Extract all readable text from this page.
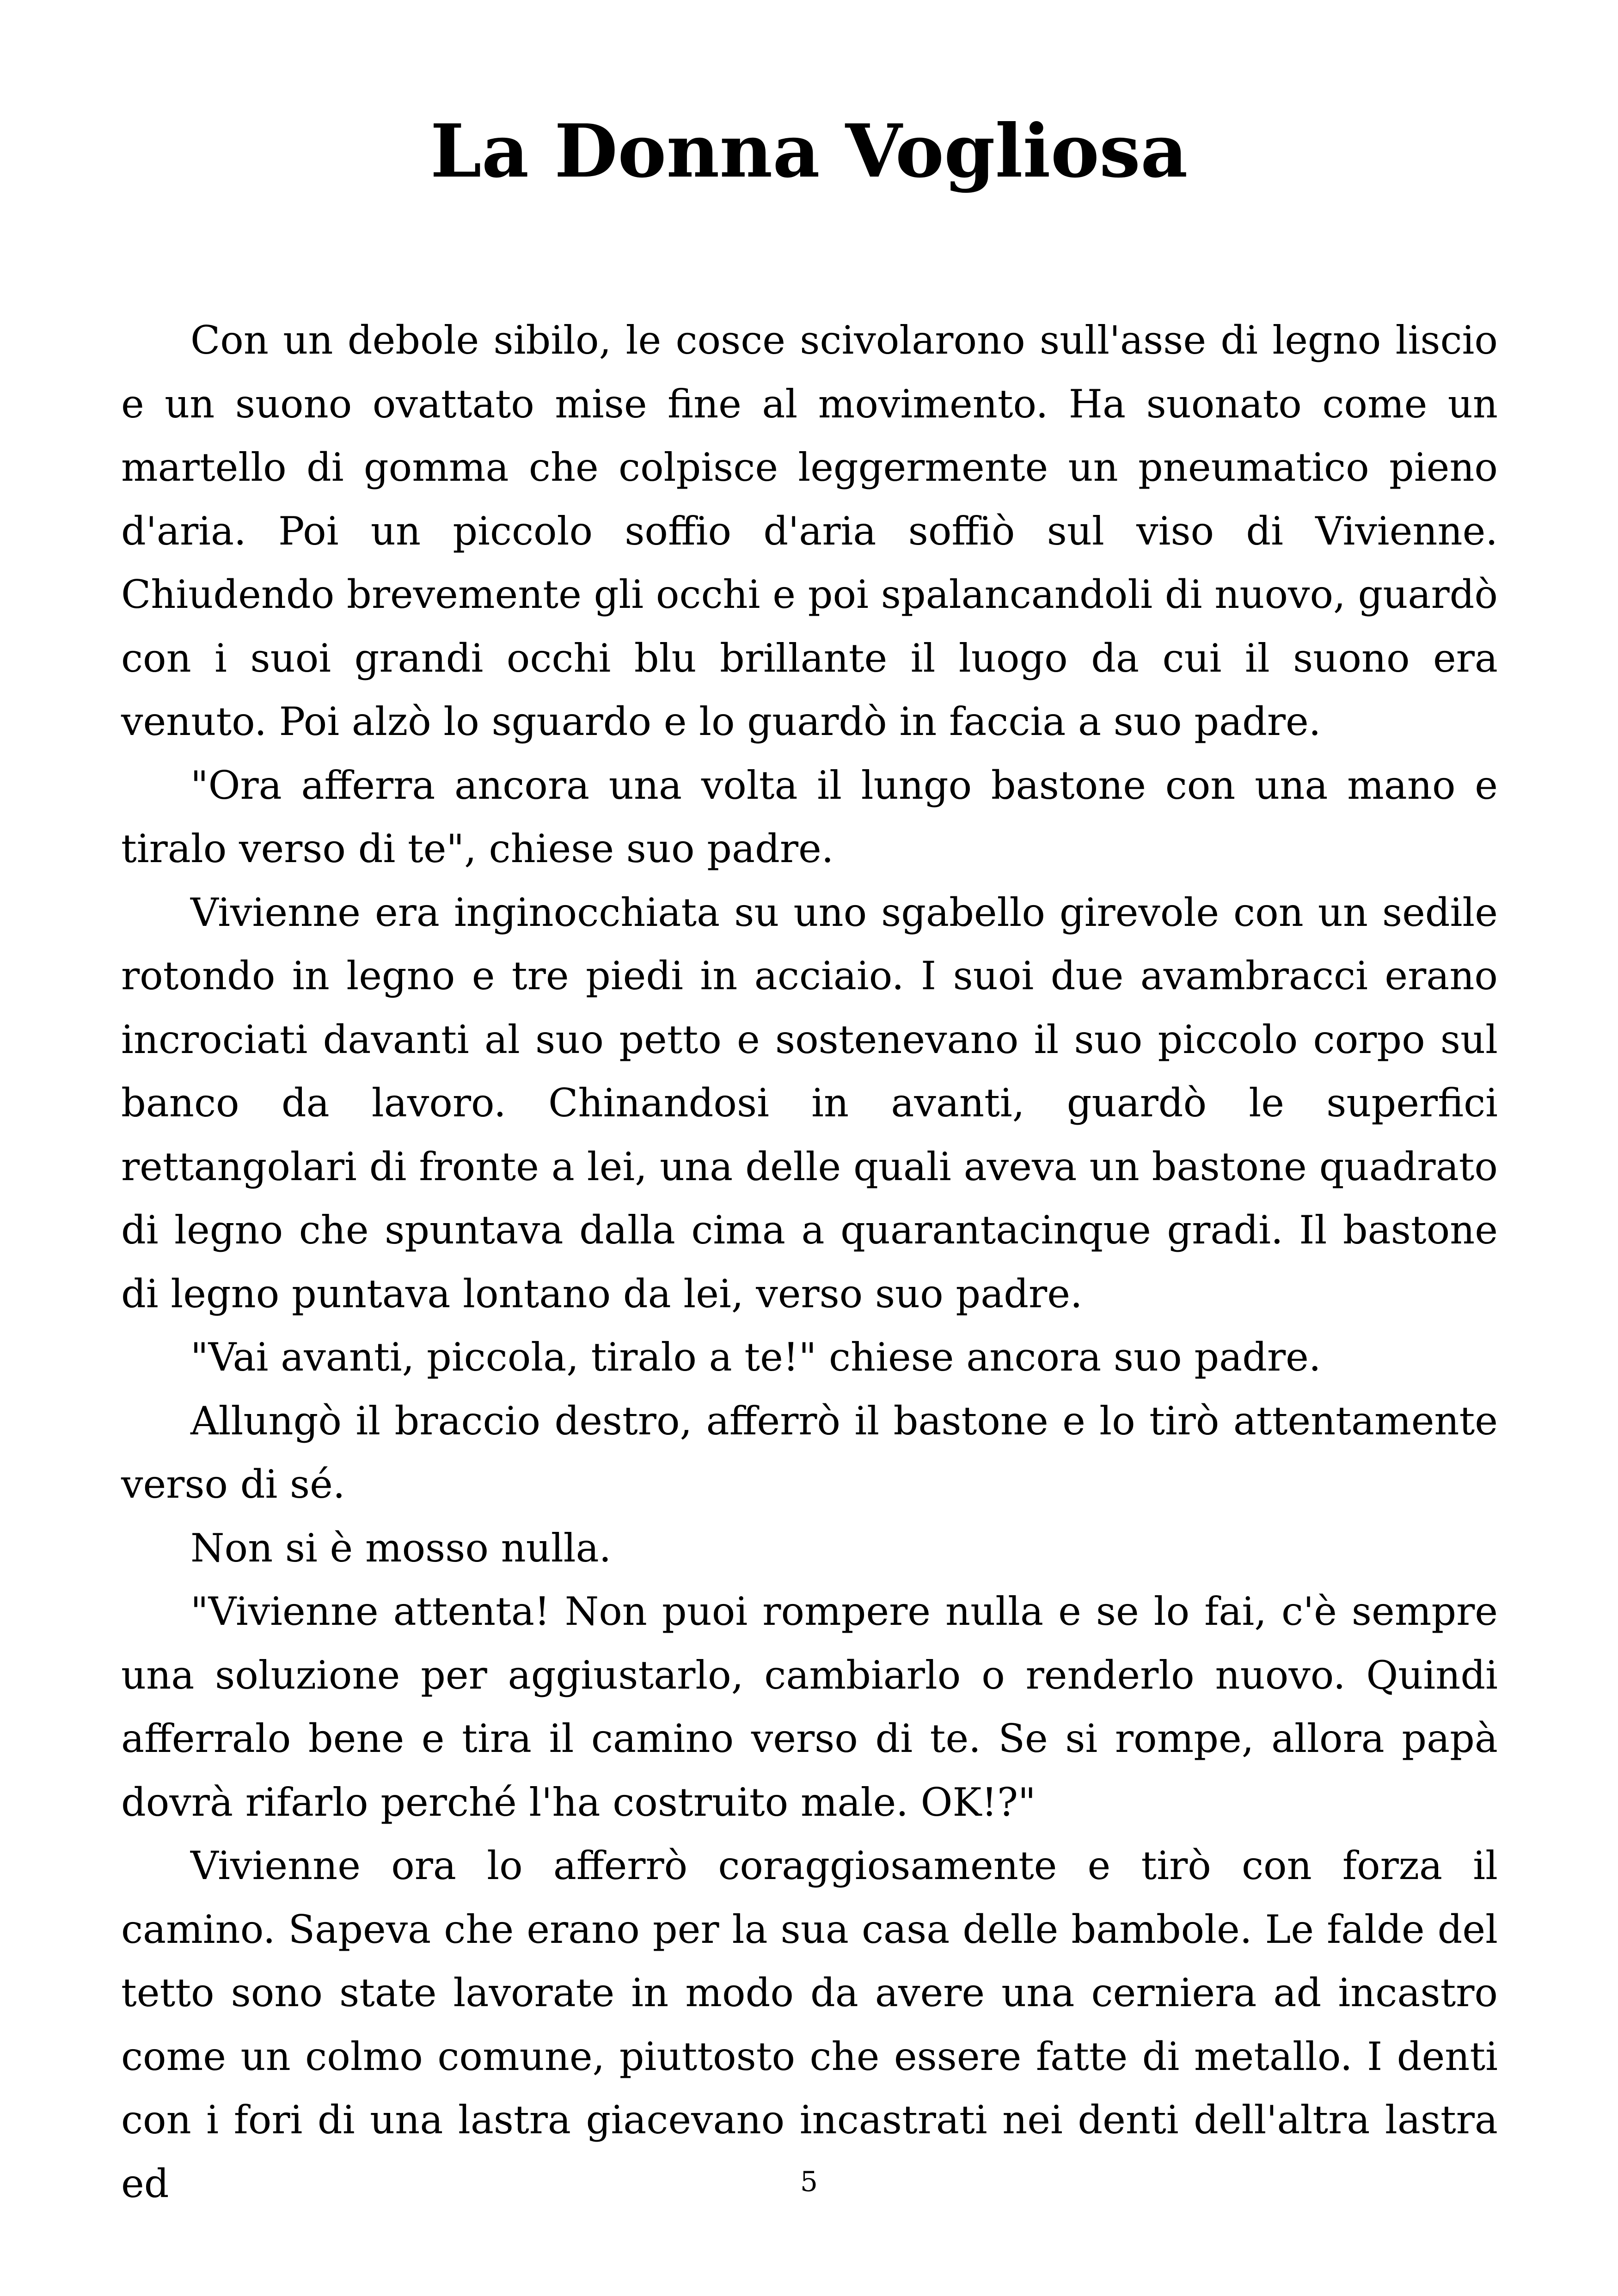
La Donna Vogliosa

Con un debole sibilo, le cosce scivolarono sull'asse di legno liscio e un suono ovattato mise fine al movimento. Ha suonato come un martello di gomma che colpisce leggermente un pneumatico pieno d'aria. Poi un piccolo soffio d'aria soffiò sul viso di Vivienne. Chiudendo brevemente gli occhi e poi spalancandoli di nuovo, guardò con i suoi grandi occhi blu brillante il luogo da cui il suono era venuto. Poi alzò lo sguardo e lo guardò in faccia a suo padre.

"Ora afferra ancora una volta il lungo bastone con una mano e tiralo verso di te", chiese suo padre.

Vivienne era inginocchiata su uno sgabello girevole con un sedile rotondo in legno e tre piedi in acciaio. I suoi due avambracci erano incrociati davanti al suo petto e sostenevano il suo piccolo corpo sul banco da lavoro. Chinandosi in avanti, guardò le superfici rettangolari di fronte a lei, una delle quali aveva un bastone quadrato di legno che spuntava dalla cima a quarantacinque gradi. Il bastone di legno puntava lontano da lei, verso suo padre.

"Vai avanti, piccola, tiralo a te!" chiese ancora suo padre.

Allungò il braccio destro, afferrò il bastone e lo tirò attentamente verso di sé.

Non si è mosso nulla.

"Vivienne attenta! Non puoi rompere nulla e se lo fai, c'è sempre una soluzione per aggiustarlo, cambiarlo o renderlo nuovo. Quindi afferralo bene e tira il camino verso di te. Se si rompe, allora papà dovrà rifarlo perché l'ha costruito male. OK!?"

Vivienne ora lo afferrò coraggiosamente e tirò con forza il camino. Sapeva che erano per la sua casa delle bambole. Le falde del tetto sono state lavorate in modo da avere una cerniera ad incastro come un colmo comune, piuttosto che essere fatte di metallo. I denti con i fori di una lastra giacevano incastrati nei denti dell'altra lastra ed	5
